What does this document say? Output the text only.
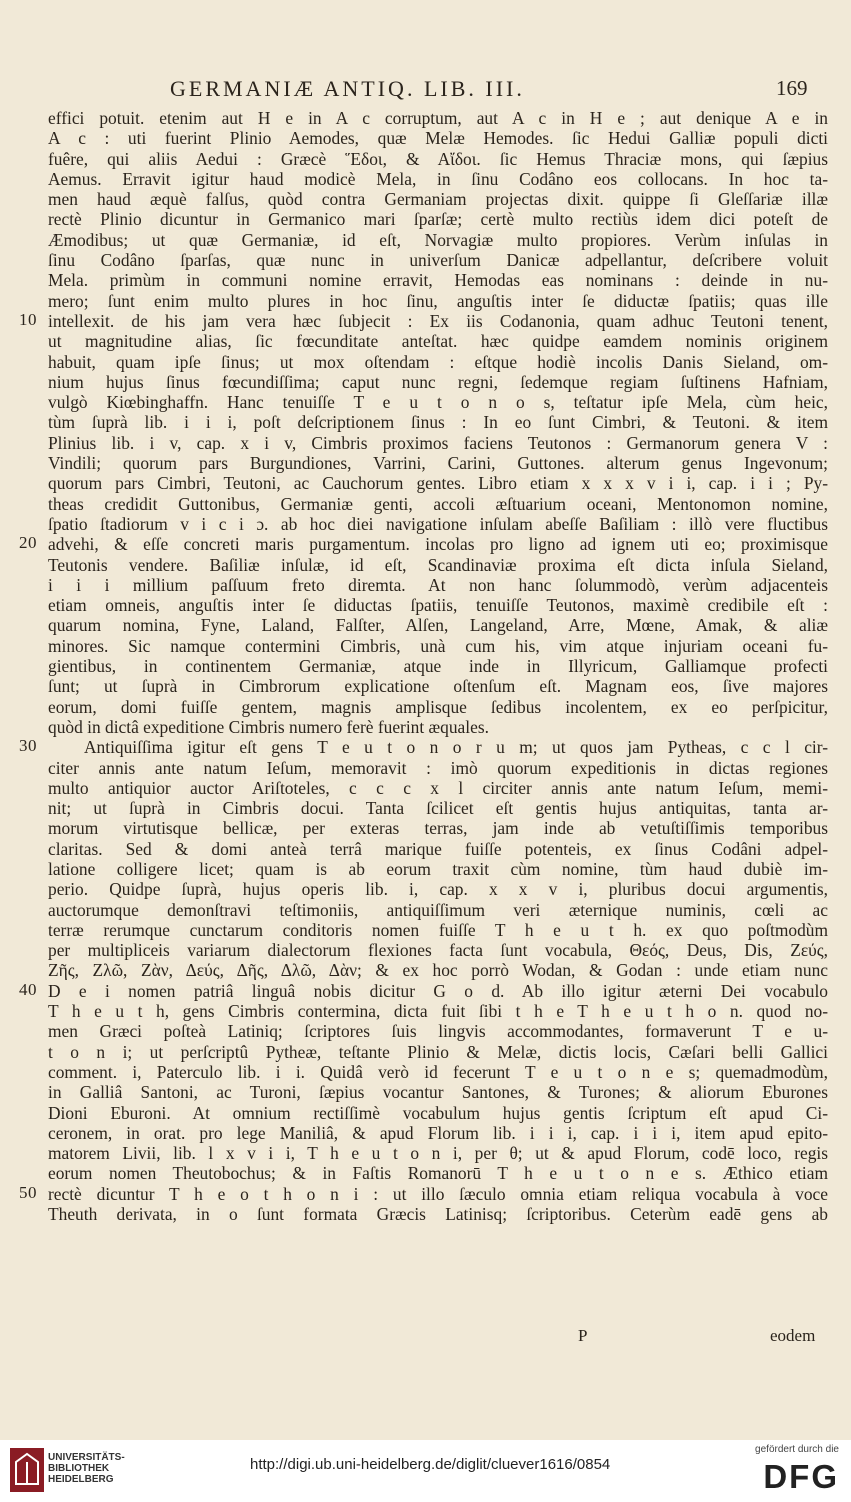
GERMANIÆ ANTIQ. LIB. III.	169
10
20
30
40
50
effici potuit. etenim aut H e in A c corruptum, aut A c in H e ; aut denique A e in
A c : uti fuerint Plinio Aemodes, quæ Melæ Hemodes. ſic Hedui Galliæ populi dicti
fuêre, qui aliis Aedui : Græcè Ἕδοι, & Αἴδοι. ſic Hemus Thraciæ mons, qui ſæpius
Aemus. Erravit igitur haud modicè Mela, in ſinu Codâno eos collocans. In hoc ta-
men haud æquè falſus, quòd contra Germaniam projectas dixit. quippe ſi Gleſſariæ illæ
rectè Plinio dicuntur in Germanico mari ſparſæ; certè multo rectiùs idem dici poteſt de
Æmodibus; ut quæ Germaniæ, id eſt, Norvagiæ multo propiores. Verùm inſulas in
ſinu Codâno ſparſas, quæ nunc in univerſum Danicæ adpellantur, deſcribere voluit
Mela. primùm in communi nomine erravit, Hemodas eas nominans : deinde in nu-
mero; ſunt enim multo plures in hoc ſinu, anguſtis inter ſe diductæ ſpatiis; quas ille
intellexit. de his jam vera hæc ſubjecit : Ex iis Codanonia, quam adhuc Teutoni tenent,
ut magnitudine alias, ſic fœcunditate anteſtat. hæc quidpe eamdem nominis originem
habuit, quam ipſe ſinus; ut mox oſtendam : eſtque hodiè incolis Danis Sieland, om-
nium hujus ſinus fœcundiſſima; caput nunc regni, ſedemque regiam ſuſtinens Hafniam,
vulgò Kiœbinghaffn. Hanc tenuiſſe T e u t o n o s, teſtatur ipſe Mela, cùm heic,
tùm ſuprà lib. i i i, poſt deſcriptionem ſinus : In eo ſunt Cimbri, & Teutoni. & item
Plinius lib. i v, cap. x i v, Cimbris proximos faciens Teutonos : Germanorum genera V :
Vindili; quorum pars Burgundiones, Varrini, Carini, Guttones. alterum genus Ingevonum;
quorum pars Cimbri, Teutoni, ac Cauchorum gentes. Libro etiam x x x v i i, cap. i i ; Py-
theas credidit Guttonibus, Germaniæ genti, accoli æſtuarium oceani, Mentonomon nomine,
ſpatio ſtadiorum v i c i ɔ. ab hoc diei navigatione inſulam abeſſe Baſiliam : illò vere fluctibus
advehi, & eſſe concreti maris purgamentum. incolas pro ligno ad ignem uti eo; proximisque
Teutonis vendere. Baſiliæ inſulæ, id eſt, Scandinaviæ proxima eſt dicta inſula Sieland,
i i i millium paſſuum freto diremta. At non hanc ſolummodò, verùm adjacenteis
etiam omneis, anguſtis inter ſe diductas ſpatiis, tenuiſſe Teutonos, maximè credibile eſt :
quarum nomina, Fyne, Laland, Falſter, Alſen, Langeland, Arre, Mœne, Amak, & aliæ
minores. Sic namque contermini Cimbris, unà cum his, vim atque injuriam oceani fu-
gientibus, in continentem Germaniæ, atque inde in Illyricum, Galliamque profecti
ſunt; ut ſuprà in Cimbrorum explicatione oſtenſum eſt. Magnam eos, ſive majores
eorum, domi fuiſſe gentem, magnis amplisque ſedibus incolentem, ex eo perſpicitur,
quòd in dictâ expeditione Cimbris numero ferè fuerint æquales.
Antiquiſſima igitur eſt gens T e u t o n o r u m; ut quos jam Pytheas, c c l cir-
citer annis ante natum Ieſum, memoravit : imò quorum expeditionis in dictas regiones
multo antiquior auctor Ariſtoteles, c c c x l circiter annis ante natum Ieſum, memi-
nit; ut ſuprà in Cimbris docui. Tanta ſcilicet eſt gentis hujus antiquitas, tanta ar-
morum virtutisque bellicæ, per exteras terras, jam inde ab vetuſtiſſimis temporibus
claritas. Sed & domi anteà terrâ marique fuiſſe potenteis, ex ſinus Codâni adpel-
latione colligere licet; quam is ab eorum traxit cùm nomine, tùm haud dubiè im-
perio. Quidpe ſuprà, hujus operis lib. i, cap. x x v i, pluribus docui argumentis,
auctorumque demonſtravi teſtimoniis, antiquiſſimum veri æternique numinis, cœli ac
terræ rerumque cunctarum conditoris nomen fuiſſe T h e u t h. ex quo poſtmodùm
per multipliceis variarum dialectorum flexiones facta ſunt vocabula, Θεός, Deus, Dis, Ζεύς,
Ζῆς, Ζλῶ, Ζὰν, Δεύς, Δῆς, Δλῶ, Δὰν; & ex hoc porrò Wodan, & Godan : unde etiam nunc
D e i nomen patriâ linguâ nobis dicitur G o d. Ab illo igitur æterni Dei vocabulo
T h e u t h, gens Cimbris contermina, dicta fuit ſibi t h e T h e u t h o n. quod no-
men Græci poſteà Latiniq; ſcriptores ſuis lingvis accommodantes, formaverunt T e u-
t o n i; ut perſcriptû Pytheæ, teſtante Plinio & Melæ, dictis locis, Cæſari belli Gallici
comment. i, Paterculo lib. i i. Quidâ verò id fecerunt T e u t o n e s; quemadmodùm,
in Galliâ Santoni, ac Turoni, ſæpius vocantur Santones, & Turones; & aliorum Eburones
Dioni Eburoni. At omnium rectiſſimè vocabulum hujus gentis ſcriptum eſt apud Ci-
ceronem, in orat. pro lege Maniliâ, & apud Florum lib. i i i, cap. i i i, item apud epito-
matorem Livii, lib. l x v i i, T h e u t o n i, per θ; ut & apud Florum, codē loco, regis
eorum nomen Theutobochus; & in Faſtis Romanorū T h e u t o n e s. Æthico etiam
rectè dicuntur T h e o t h o n i : ut illo ſæculo omnia etiam reliqua vocabula à voce
Theuth derivata, in o ſunt formata Græcis Latinisq; ſcriptoribus. Ceterùm eadē gens ab
P	eodem
UNIVERSITÄTS-
BIBLIOTHEK
HEIDELBERG
http://digi.ub.uni-heidelberg.de/diglit/cluever1616/0854
gefördert durch die
DFG
